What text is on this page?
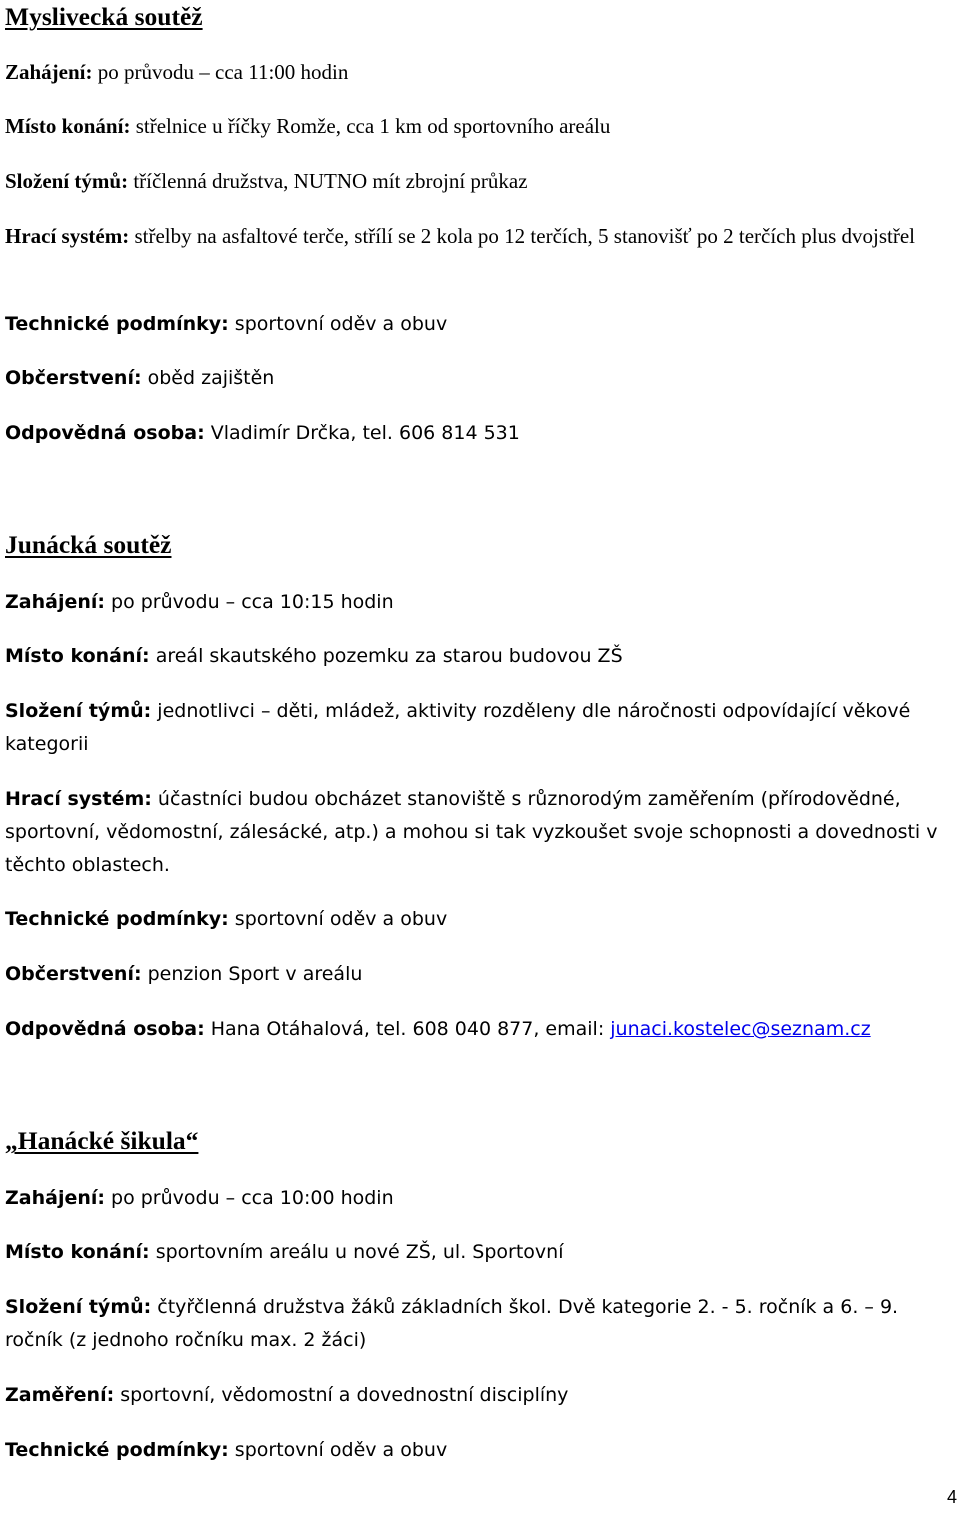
Myslivecká soutěž

Zahájení: po průvodu – cca 11:00 hodin

Místo konání: střelnice u říčky Romže, cca 1 km od sportovního areálu

Složení týmů: tříčlenná družstva, NUTNO mít zbrojní průkaz

Hrací systém: střelby na asfaltové terče, střílí se 2 kola po 12 terčích, 5 stanovišť po 2 terčích plus dvojstřel

Technické podmínky: sportovní oděv a obuv

Občerstvení: oběd zajištěn

Odpovědná osoba: Vladimír Drčka, tel. 606 814 531

Junácká soutěž

Zahájení: po průvodu – cca 10:15 hodin

Místo konání: areál skautského pozemku za starou budovou ZŠ

Složení týmů: jednotlivci – děti, mládež, aktivity rozděleny dle náročnosti odpovídající věkové kategorii

Hrací systém: účastníci budou obcházet stanoviště s různorodým zaměřením (přírodovědné, sportovní, vědomostní, zálesácké, atp.) a mohou si tak vyzkoušet svoje schopnosti a dovednosti v těchto oblastech.

Technické podmínky: sportovní oděv a obuv

Občerstvení: penzion Sport v areálu

Odpovědná osoba: Hana Otáhalová, tel. 608 040 877, email: junaci.kostelec@seznam.cz

„Hanácké šikula“

Zahájení: po průvodu – cca 10:00 hodin

Místo konání: sportovním areálu u nové ZŠ, ul. Sportovní

Složení týmů: čtyřčlenná družstva žáků základních škol. Dvě kategorie 2. - 5. ročník a 6. – 9. ročník (z jednoho ročníku max. 2 žáci)

Zaměření: sportovní, vědomostní a dovednostní disciplíny

Technické podmínky: sportovní oděv a obuv

4
